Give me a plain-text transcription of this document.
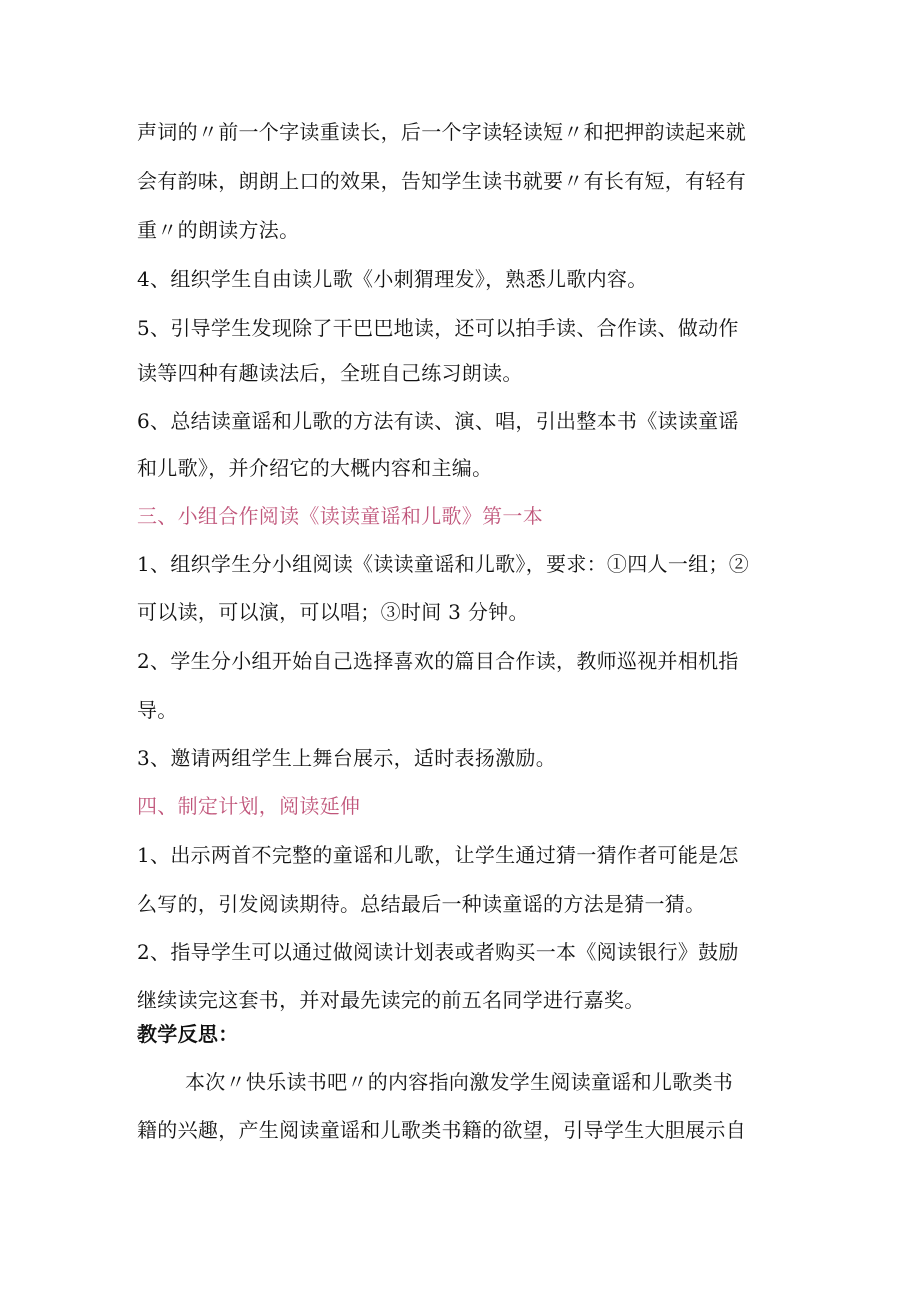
声词的〃前一个字读重读长，后一个字读轻读短〃和把押韵读起来就
会有韵味，朗朗上口的效果，告知学生读书就要〃有长有短，有轻有
重〃的朗读方法。
4、组织学生自由读儿歌《小刺猬理发》，熟悉儿歌内容。
5、引导学生发现除了干巴巴地读，还可以拍手读、合作读、做动作
读等四种有趣读法后，全班自己练习朗读。
6、总结读童谣和儿歌的方法有读、演、唱，引出整本书《读读童谣
和儿歌》，并介绍它的大概内容和主编。
三、小组合作阅读《读读童谣和儿歌》第一本
1、组织学生分小组阅读《读读童谣和儿歌》，要求：①四人一组；②
可以读，可以演，可以唱；③时间 3 分钟。
2、学生分小组开始自己选择喜欢的篇目合作读，教师巡视并相机指
导。
3、邀请两组学生上舞台展示，适时表扬激励。
四、制定计划，阅读延伸
1、出示两首不完整的童谣和儿歌，让学生通过猜一猜作者可能是怎
么写的，引发阅读期待。总结最后一种读童谣的方法是猜一猜。
2、指导学生可以通过做阅读计划表或者购买一本《阅读银行》鼓励
继续读完这套书，并对最先读完的前五名同学进行嘉奖。
教学反思：
本次〃快乐读书吧〃的内容指向激发学生阅读童谣和儿歌类书
籍的兴趣，产生阅读童谣和儿歌类书籍的欲望，引导学生大胆展示自
